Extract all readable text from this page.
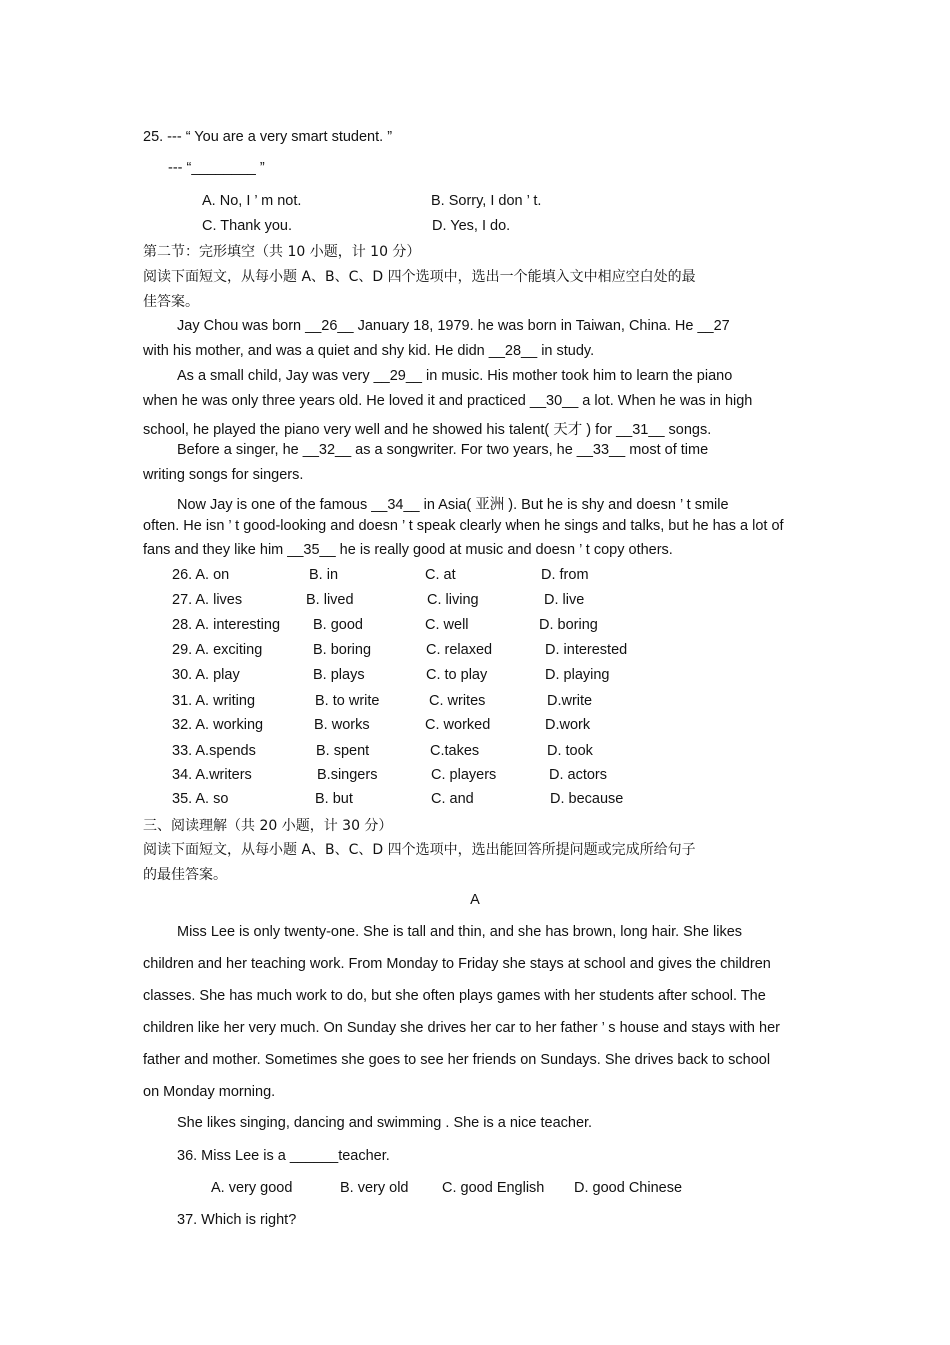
25. --- “ You are a very smart student. ”
--- “________ ”
A. No, I ’ m not.	B. Sorry, I don ’ t.
C. Thank you.	D. Yes, I do.
第二节：完形填空（共 10 小题，计 10 分）
阅读下面短文，从每小题 A、B、C、D 四个选项中，选出一个能填入文中相应空白处的最
佳答案。
Jay Chou was born __26__ January 18, 1979. he was born in Taiwan, China. He __27
with his mother, and was a quiet and shy kid. He didn __28__ in study.
As a small child, Jay was very __29__ in music. His mother took him to learn the piano
when he was only three years old. He loved it and practiced __30__ a lot. When he was in high
school, he played the piano very well and he showed his talent( 天才 ) for __31__ songs.
Before a singer, he __32__ as a songwriter. For two years, he __33__ most of time
writing songs for singers.
Now Jay is one of the famous __34__ in Asia( 亚洲 ). But he is shy and doesn ’ t smile
often. He isn ’ t good-looking and doesn ’ t speak clearly when he sings and talks, but he has a lot of
fans and they like him __35__ he is really good at music and doesn ’ t copy others.
26. A. on	B. in	C. at	D. from
27. A. lives	B. lived	C. living	D. live
28. A. interesting B. good	C. well	D. boring
29. A. exciting	B. boring	C. relaxed	D. interested
30. A. play	B. plays	C. to play	D. playing
31. A. writing	B. to write	C. writes	D.write
32. A. working	B. works	C. worked	D.work
33. A.spends	B. spent	C.takes	D. took
34. A.writers	B.singers	C. players	D. actors
35. A. so	B. but	C. and	D. because
三、阅读理解（共 20 小题，计 30 分）
阅读下面短文，从每小题 A、B、C、D 四个选项中，选出能回答所提问题或完成所给句子
的最佳答案。
A
Miss Lee is only twenty-one. She is tall and thin, and she has brown, long hair. She likes
children and her teaching work. From Monday to Friday she stays at school and gives the children
classes. She has much work to do, but she often plays games with her students after school. The
children like her very much. On Sunday she drives her car to her father ’ s house and stays with her
father and mother. Sometimes she goes to see her friends on Sundays. She drives back to school
on Monday morning.
She likes singing, dancing and swimming . She is a nice teacher.
36. Miss Lee is a ______teacher.
A. very good	B. very old C. good English D. good Chinese
37. Which is right?
